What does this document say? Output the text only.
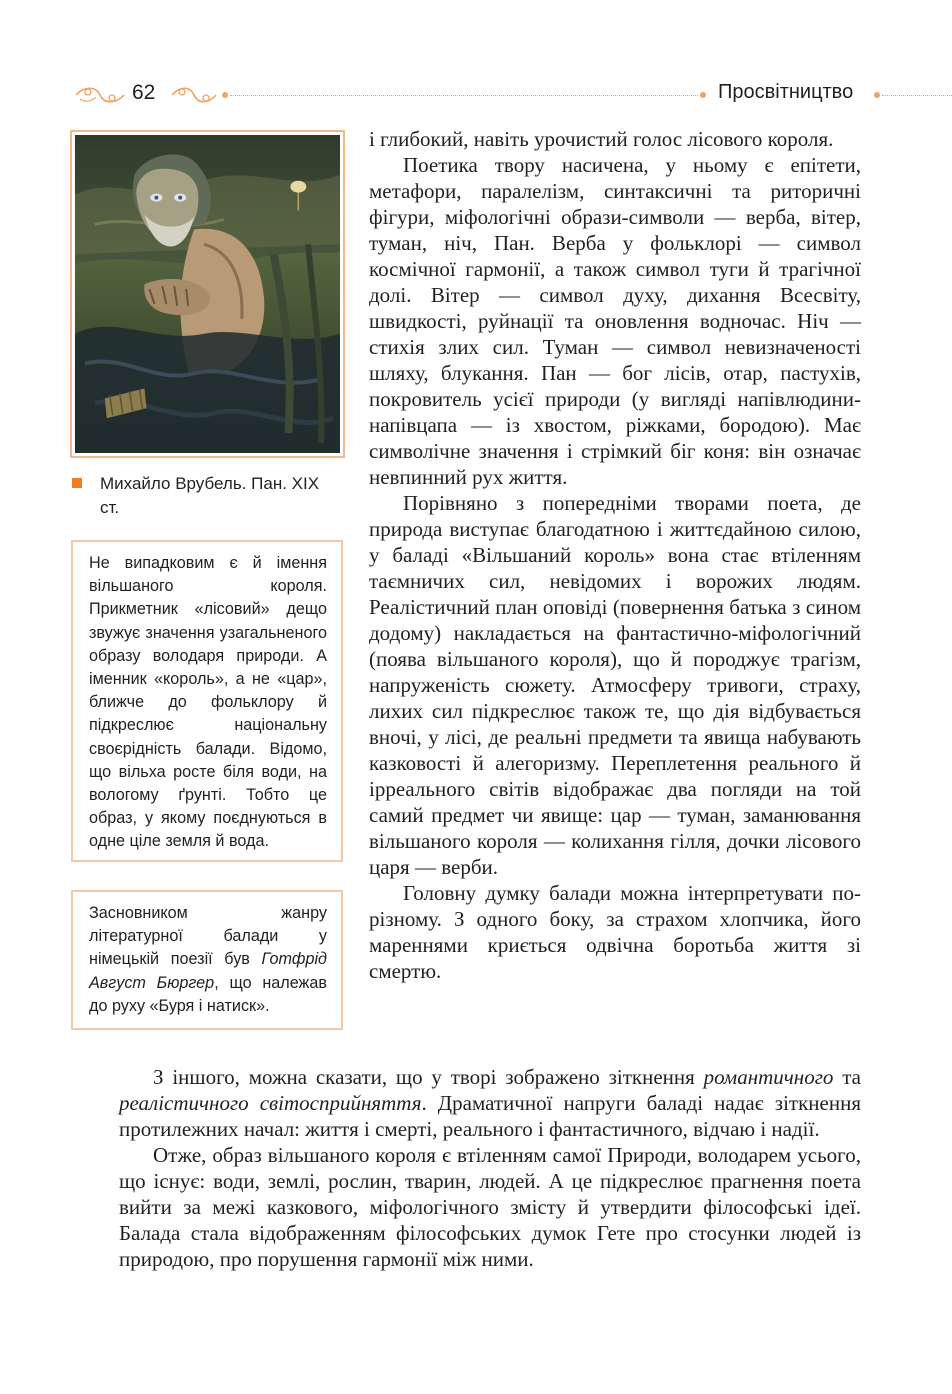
62	Просвітництво
Михайло Врубель. Пан. XIX ст.

Не випадковим є й імення вільшаного короля. Прикметник «лісовий» дещо звужує значення узагальненого образу володаря природи. А іменник «король», а не «цар», ближче до фольклору й підкреслює національну своєрідність балади. Відомо, що вільха росте біля води, на вологому ґрунті. Тобто це образ, у якому поєднуються в одне ціле земля й вода.

Засновником жанру літературної балади у німецькій поезії був Готфрід Август Бюргер, що належав до руху «Буря і натиск».

і глибокий, навіть урочистий голос лісового короля.

Поетика твору насичена, у ньому є епітети, метафори, паралелізм, синтаксичні та риторичні фігури, міфологічні образи-символи — верба, вітер, туман, ніч, Пан. Верба у фольклорі — символ космічної гармонії, а також символ туги й трагічної долі. Вітер — символ духу, дихання Всесвіту, швидкості, руйнації та оновлення водночас. Ніч — стихія злих сил. Туман — символ невизначеності шляху, блукання. Пан — бог лісів, отар, пастухів, покровитель усієї природи (у вигляді напівлюдини-напівцапа — із хвостом, ріжками, бородою). Має символічне значення і стрімкий біг коня: він означає невпинний рух життя.

Порівняно з попередніми творами поета, де природа виступає благодатною і життєдайною силою, у баладі «Вільшаний король» вона стає втіленням таємничих сил, невідомих і ворожих людям. Реалістичний план оповіді (повернення батька з сином додому) накладається на фантастично-міфологічний (поява вільшаного короля), що й породжує трагізм, напруженість сюжету. Атмосферу тривоги, страху, лихих сил підкреслює також те, що дія відбувається вночі, у лісі, де реальні предмети та явища набувають казковості й алегоризму. Переплетення реального й ірреального світів відображає два погляди на той самий предмет чи явище: цар — туман, заманювання вільшаного короля — колихання гілля, дочки лісового царя — верби.

Головну думку балади можна інтерпретувати по-різному. З одного боку, за страхом хлопчика, його мареннями криється одвічна боротьба життя зі смертю.

З іншого, можна сказати, що у творі зображено зіткнення романтичного та реалістичного світосприйняття. Драматичної напруги баладі надає зіткнення протилежних начал: життя і смерті, реального і фантастичного, відчаю і надії.

Отже, образ вільшаного короля є втіленням самої Природи, володарем усього, що існує: води, землі, рослин, тварин, людей. А це підкреслює прагнення поета вийти за межі казкового, міфологічного змісту й утвердити філософські ідеї. Балада стала відображенням філософських думок Гете про стосунки людей із природою, про порушення гармонії між ними.
